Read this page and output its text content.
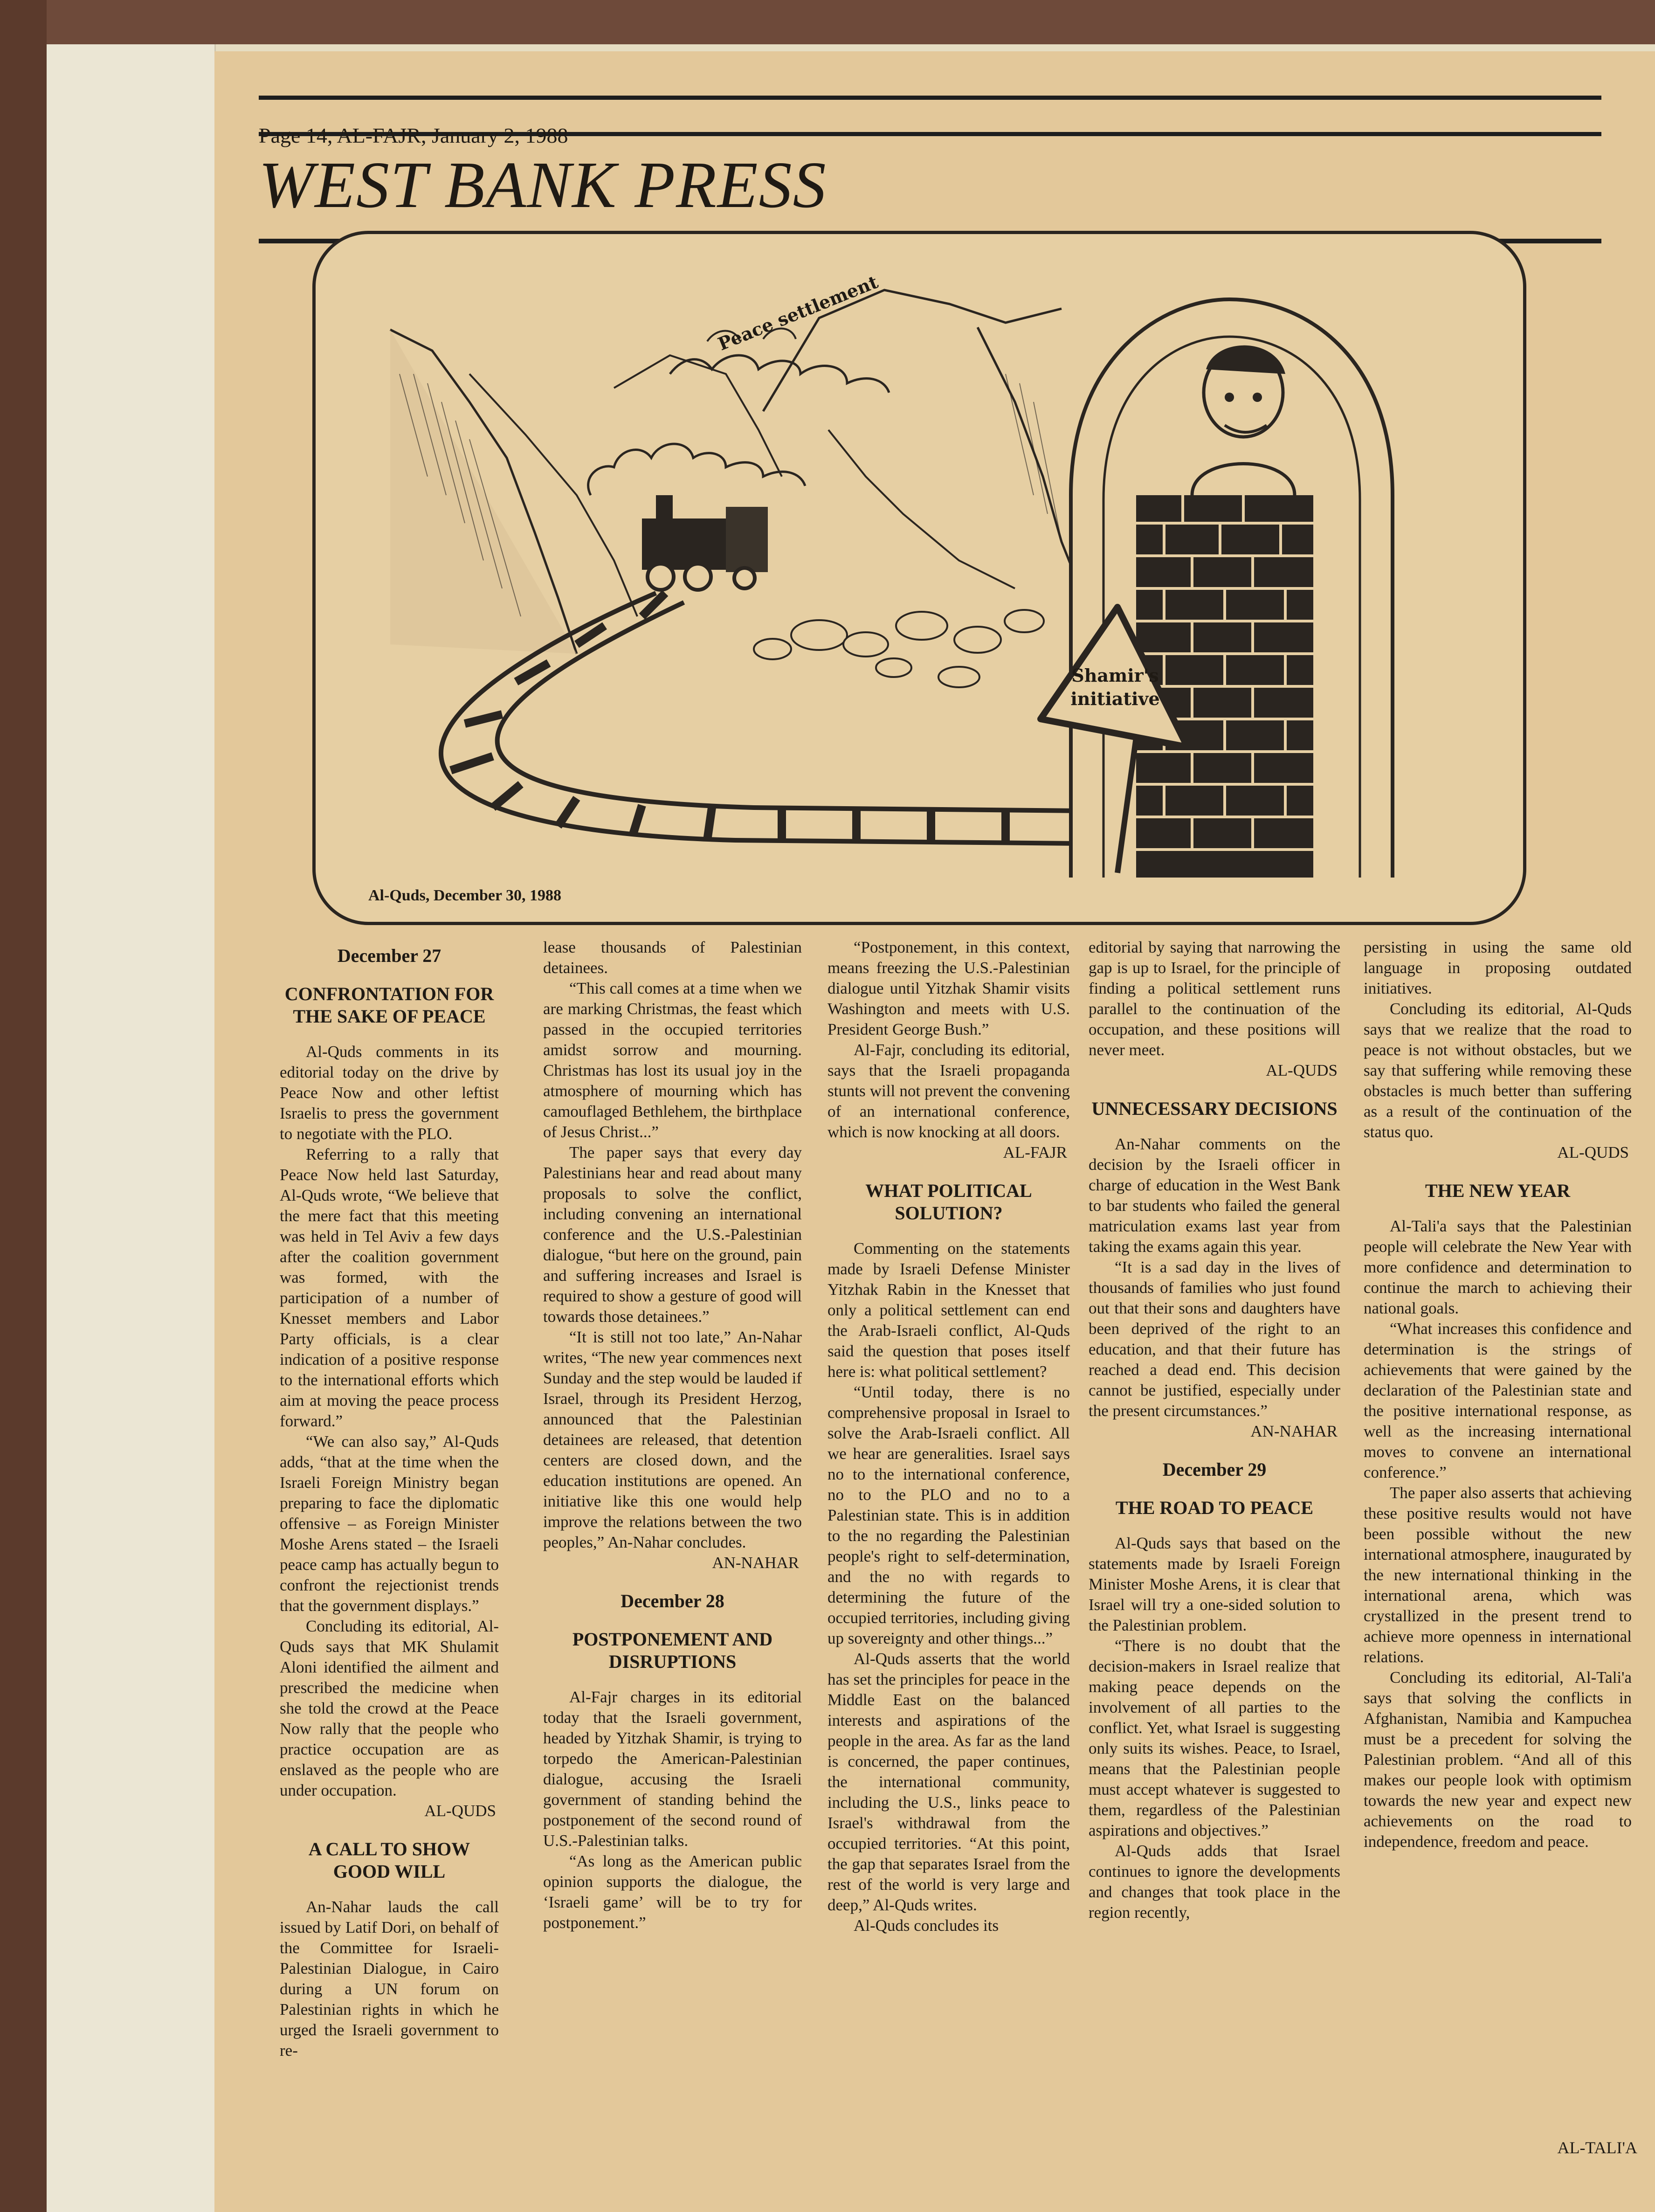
Page 14, AL-FAJR, January 2, 1988
WEST BANK PRESS
Peace settlement
Shamir's
initiative
Al-Quds, December 30, 1988
December 27
CONFRONTATION FOR THE SAKE OF PEACE
Al-Quds comments in its editorial today on the drive by Peace Now and other leftist Israelis to press the government to negotiate with the PLO.
Referring to a rally that Peace Now held last Saturday, Al-Quds wrote, “We believe that the mere fact that this meeting was held in Tel Aviv a few days after the coalition government was formed, with the participation of a number of Knesset members and Labor Party officials, is a clear indication of a positive response to the international efforts which aim at moving the peace process forward.”
“We can also say,” Al-Quds adds, “that at the time when the Israeli Foreign Ministry began preparing to face the diplomatic offensive – as Foreign Minister Moshe Arens stated – the Israeli peace camp has actually begun to confront the rejectionist trends that the government displays.”
Concluding its editorial, Al-Quds says that MK Shulamit Aloni identified the ailment and prescribed the medicine when she told the crowd at the Peace Now rally that the people who practice occupation are as enslaved as the people who are under occupation.
AL-QUDS
A CALL TO SHOW GOOD WILL
An-Nahar lauds the call issued by Latif Dori, on behalf of the Committee for Israeli-Palestinian Dialogue, in Cairo during a UN forum on Palestinian rights in which he urged the Israeli government to re-
lease thousands of Palestinian detainees.
“This call comes at a time when we are marking Christmas, the feast which passed in the occupied territories amidst sorrow and mourning. Christmas has lost its usual joy in the atmosphere of mourning which has camouflaged Bethlehem, the birthplace of Jesus Christ...”
The paper says that every day Palestinians hear and read about many proposals to solve the conflict, including convening an international conference and the U.S.-Palestinian dialogue, “but here on the ground, pain and suffering increases and Israel is required to show a gesture of good will towards those detainees.”
“It is still not too late,” An-Nahar writes, “The new year commences next Sunday and the step would be lauded if Israel, through its President Herzog, announced that the Palestinian detainees are released, that detention centers are closed down, and the education institutions are opened. An initiative like this one would help improve the relations between the two peoples,” An-Nahar concludes.
AN-NAHAR
December 28
POSTPONEMENT AND DISRUPTIONS
Al-Fajr charges in its editorial today that the Israeli government, headed by Yitzhak Shamir, is trying to torpedo the American-Palestinian dialogue, accusing the Israeli government of standing behind the postponement of the second round of U.S.-Palestinian talks.
“As long as the American public opinion supports the dialogue, the ‘Israeli game’ will be to try for postponement.”
“Postponement, in this context, means freezing the U.S.-Palestinian dialogue until Yitzhak Shamir visits Washington and meets with U.S. President George Bush.”
Al-Fajr, concluding its editorial, says that the Israeli propaganda stunts will not prevent the convening of an international conference, which is now knocking at all doors.
AL-FAJR
WHAT POLITICAL SOLUTION?
Commenting on the statements made by Israeli Defense Minister Yitzhak Rabin in the Knesset that only a political settlement can end the Arab-Israeli conflict, Al-Quds said the question that poses itself here is: what political settlement?
“Until today, there is no comprehensive proposal in Israel to solve the Arab-Israeli conflict. All we hear are generalities. Israel says no to the international conference, no to the PLO and no to a Palestinian state. This is in addition to the no regarding the Palestinian people's right to self-determination, and the no with regards to determining the future of the occupied territories, including giving up sovereignty and other things...”
Al-Quds asserts that the world has set the principles for peace in the Middle East on the balanced interests and aspirations of the people in the area. As far as the land is concerned, the paper continues, the international community, including the U.S., links peace to Israel's withdrawal from the occupied territories. “At this point, the gap that separates Israel from the rest of the world is very large and deep,” Al-Quds writes.
Al-Quds concludes its
editorial by saying that narrowing the gap is up to Israel, for the principle of finding a political settlement runs parallel to the continuation of the occupation, and these positions will never meet.
AL-QUDS
UNNECESSARY DECISIONS
An-Nahar comments on the decision by the Israeli officer in charge of education in the West Bank to bar students who failed the general matriculation exams last year from taking the exams again this year.
“It is a sad day in the lives of thousands of families who just found out that their sons and daughters have been deprived of the right to an education, and that their future has reached a dead end. This decision cannot be justified, especially under the present circumstances.”
AN-NAHAR
December 29
THE ROAD TO PEACE
Al-Quds says that based on the statements made by Israeli Foreign Minister Moshe Arens, it is clear that Israel will try a one-sided solution to the Palestinian problem.
“There is no doubt that the decision-makers in Israel realize that making peace depends on the involvement of all parties to the conflict. Yet, what Israel is suggesting only suits its wishes. Peace, to Israel, means that the Palestinian people must accept whatever is suggested to them, regardless of the Palestinian aspirations and objectives.”
Al-Quds adds that Israel continues to ignore the developments and changes that took place in the region recently,
persisting in using the same old language in proposing outdated initiatives.
Concluding its editorial, Al-Quds says that we realize that the road to peace is not without obstacles, but we say that suffering while removing these obstacles is much better than suffering as a result of the continuation of the status quo.
AL-QUDS
THE NEW YEAR
Al-Tali'a says that the Palestinian people will celebrate the New Year with more confidence and determination to continue the march to achieving their national goals.
“What increases this confidence and determination is the strings of achievements that were gained by the declaration of the Palestinian state and the positive international response, as well as the increasing international moves to convene an international conference.”
The paper also asserts that achieving these positive results would not have been possible without the new international atmosphere, inaugurated by the new international thinking in the international arena, which was crystallized in the present trend to achieve more openness in international relations.
Concluding its editorial, Al-Tali'a says that solving the conflicts in Afghanistan, Namibia and Kampuchea must be a precedent for solving the Palestinian problem. “And all of this makes our people look with optimism towards the new year and expect new achievements on the road to independence, freedom and peace.
AL-TALI'A
